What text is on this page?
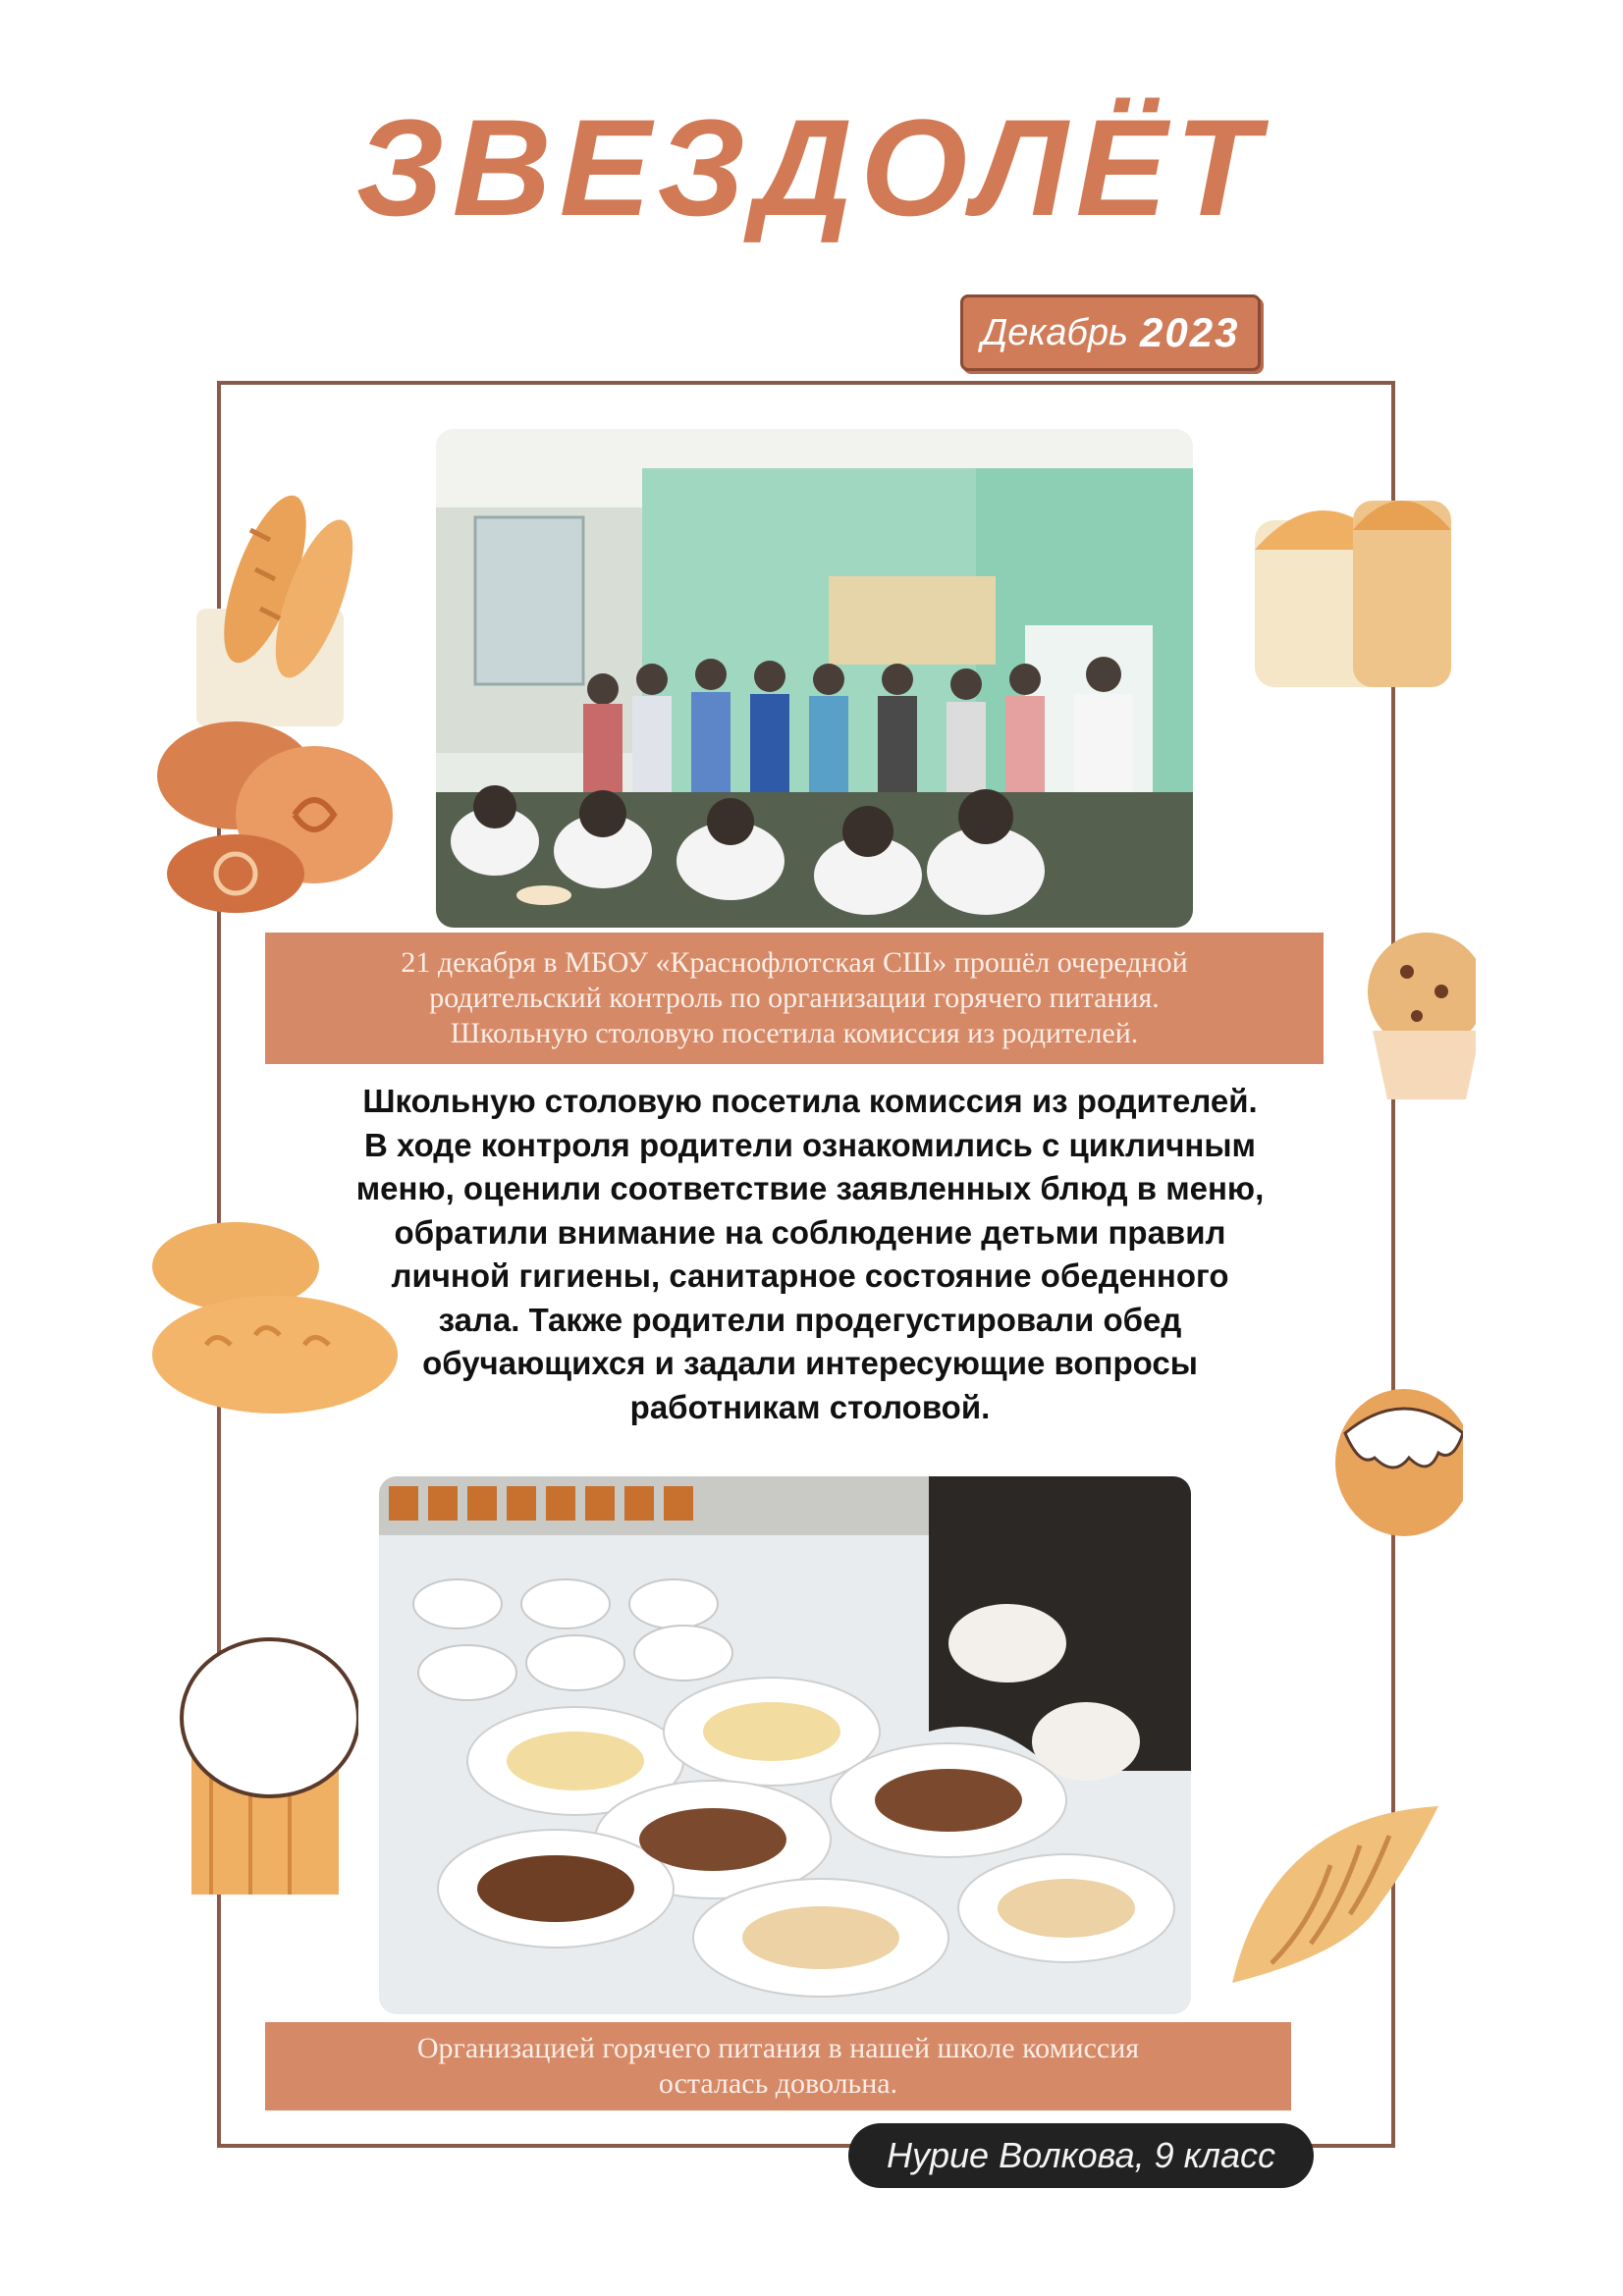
ЗВЕЗДОЛЁТ
Декабрь 2023
21 декабря в МБОУ «Краснофлотская СШ» прошёл очередной
родительский контроль по организации горячего питания.
Школьную столовую посетила комиссия из родителей.
Школьную столовую посетила комиссия из родителей.
В ходе контроля родители ознакомились с цикличным
меню, оценили соответствие заявленных блюд в меню,
обратили внимание на соблюдение детьми правил
личной гигиены, санитарное состояние обеденного
зала. Также родители продегустировали обед
обучающихся и задали интересующие вопросы
работникам столовой.
Организацией горячего питания в нашей школе комиссия
осталась довольна.
Нурие Волкова, 9 класс
